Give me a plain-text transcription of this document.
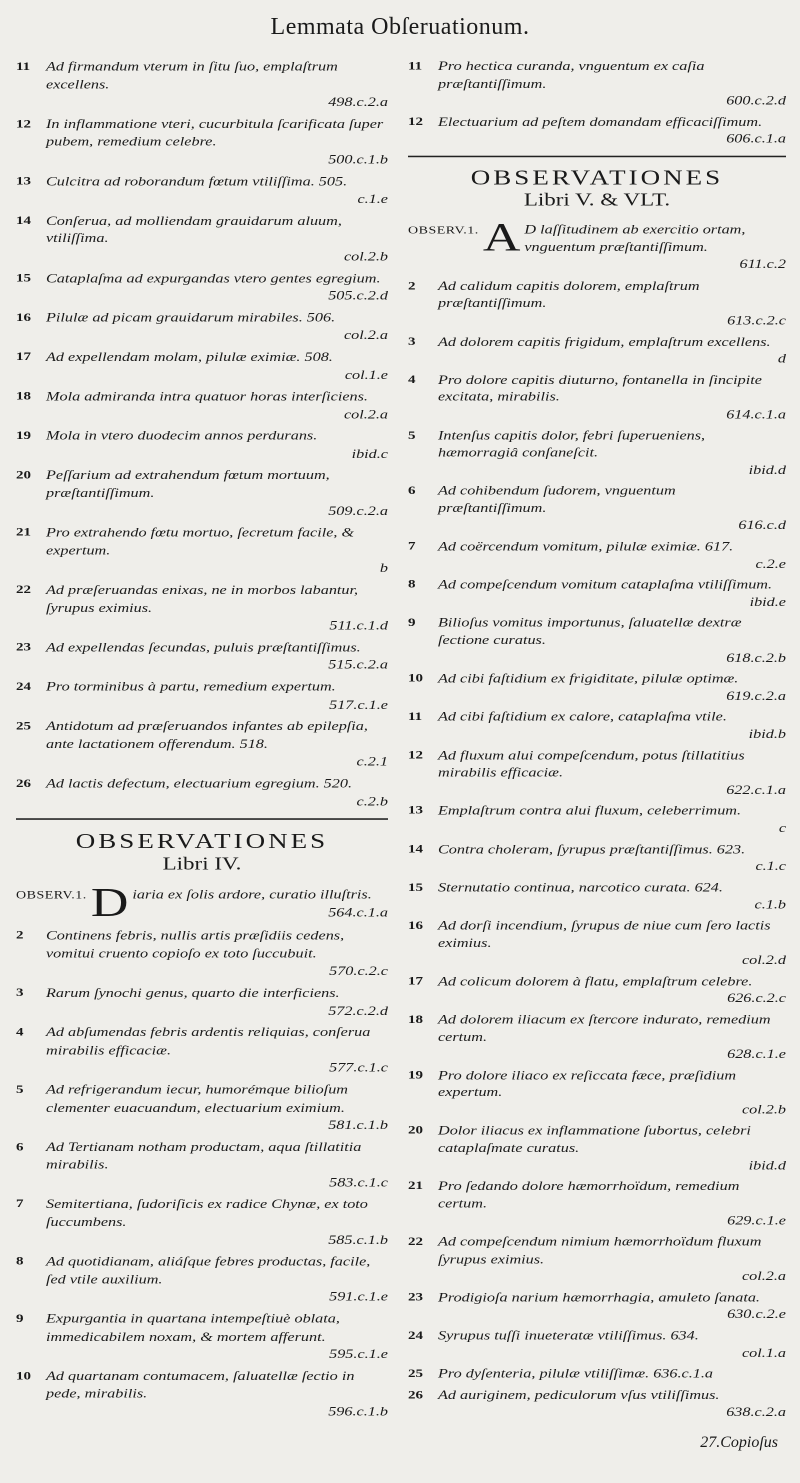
Lemmata Obſeruationum.
11 Ad firmandum vterum in ſitu ſuo, emplaſtrum excellens.
498.c.2.a
12 In inflammatione vteri, cucurbitula ſcarificata ſuper pubem, remedium celebre.
500.c.1.b
13 Culcitra ad roborandum fœtum vtiliſſima. 505.
c.1.e
14 Conſerua, ad molliendam grauidarum aluum, vtiliſſima.
col.2.b
15 Cataplaſma ad expurgandas vtero gentes egregium.
505.c.2.d
16 Pilulæ ad picam grauidarum mirabiles. 506.
col.2.a
17 Ad expellendam molam, pilulæ eximiæ. 508.
col.1.e
18 Mola admiranda intra quatuor horas interſiciens.
col.2.a
19 Mola in vtero duodecim annos perdurans.
ibid.c
20 Peſſarium ad extrahendum fœtum mortuum, præſtantiſſimum.
509.c.2.a
21 Pro extrahendo fœtu mortuo, ſecretum facile, & expertum.
b
22 Ad præſeruandas enixas, ne in morbos labantur, ſyrupus eximius.
511.c.1.d
23 Ad expellendas ſecundas, puluis præſtantiſſimus.
515.c.2.a
24 Pro torminibus à partu, remedium expertum.
517.c.1.e
25 Antidotum ad præſeruandos infantes ab epilepſia, ante lactationem offerendum. 518.
c.2.1
26 Ad lactis defectum, electuarium egregium. 520.
c.2.b
OBSERVATIONES
Libri IV.
OBSERV.1. D iaria ex ſolis ardore, curatio illuſtris.
564.c.1.a
2	Continens febris, nullis artis præſidiis cedens, vomitui cruento copioſo ex toto ſuccubuit.
570.c.2.c
3	Rarum ſynochi genus, quarto die interficiens.
572.c.2.d
4	Ad abſumendas febris ardentis reliquias, conſerua mirabilis efficaciæ.
577.c.1.c
5	Ad refrigerandum iecur, humorémque bilioſum clementer euacuandum, electuarium eximium.
581.c.1.b
6	Ad Tertianam notham productam, aqua ſtillatitia mirabilis.
583.c.1.c
7	Semitertiana, ſudoriſicis ex radice Chynæ, ex toto ſuccumbens.
585.c.1.b
8	Ad quotidianam, aliáſque febres productas, facile, ſed vtile auxilium.
591.c.1.e
9	Expurgantia in quartana intempeſtiuè oblata, immedicabilem noxam, & mortem afferunt.
595.c.1.e
10 Ad quartanam contumacem, ſaluatellæ ſectio in pede, mirabilis.
596.c.1.b
11 Pro hectica curanda, vnguentum ex caſia præſtantiſſimum.
600.c.2.d
12 Electuarium ad peſtem domandam efficaciſſimum.
606.c.1.a
OBSERVATIONES
Libri V. & VLT.
OBSERV.1. A D laſſitudinem ab exercitio ortam, vnguentum præſtantiſſimum.
611.c.2
2	Ad calidum capitis dolorem, emplaſtrum præſtantiſſimum.
613.c.2.c
3	Ad dolorem capitis frigidum, emplaſtrum excellens.
d
4	Pro dolore capitis diuturno, fontanella in ſincipite excitata, mirabilis.
614.c.1.a
5	Intenſus capitis dolor, febri ſuperueniens, hæmorragiâ conſaneſcit.
ibid.d
6	Ad cohibendum ſudorem, vnguentum præſtantiſſimum.
616.c.d
7	Ad coërcendum vomitum, pilulæ eximiæ. 617.
c.2.e
8	Ad compeſcendum vomitum cataplaſma vtiliſſimum.
ibid.e
9	Bilioſus vomitus importunus, ſaluatellæ dextræ ſectione curatus.
618.c.2.b
10 Ad cibi faſtidium ex frigiditate, pilulæ optimæ.
619.c.2.a
11 Ad cibi faſtidium ex calore, cataplaſma vtile.
ibid.b
12 Ad fluxum alui compeſcendum, potus ſtillatitius mirabilis efficaciæ.
622.c.1.a
13 Emplaſtrum contra alui fluxum, celeberrimum.
c
14 Contra choleram, ſyrupus præſtantiſſimus. 623.
c.1.c
15 Sternutatio continua, narcotico curata. 624.
c.1.b
16 Ad dorſi incendium, ſyrupus de niue cum ſero lactis eximius.
col.2.d
17 Ad colicum dolorem à flatu, emplaſtrum celebre.
626.c.2.c
18 Ad dolorem iliacum ex ſtercore indurato, remedium certum.
628.c.1.e
19 Pro dolore iliaco ex reſiccata fæce, præſidium expertum.
col.2.b
20 Dolor iliacus ex inflammatione ſubortus, celebri cataplaſmate curatus.
ibid.d
21 Pro ſedando dolore hæmorrhoïdum, remedium certum.
629.c.1.e
22 Ad compeſcendum nimium hæmorrhoïdum fluxum ſyrupus eximius.
col.2.a
23 Prodigioſa narium hæmorrhagia, amuleto ſanata.
630.c.2.e
24 Syrupus tuſſi inueteratæ vtiliſſimus. 634.
col.1.a
25 Pro dyſenteria, pilulæ vtiliſſimæ. 636.c.1.a
26 Ad auriginem, pediculorum vſus vtiliſſimus.
638.c.2.a
27.Copioſus
